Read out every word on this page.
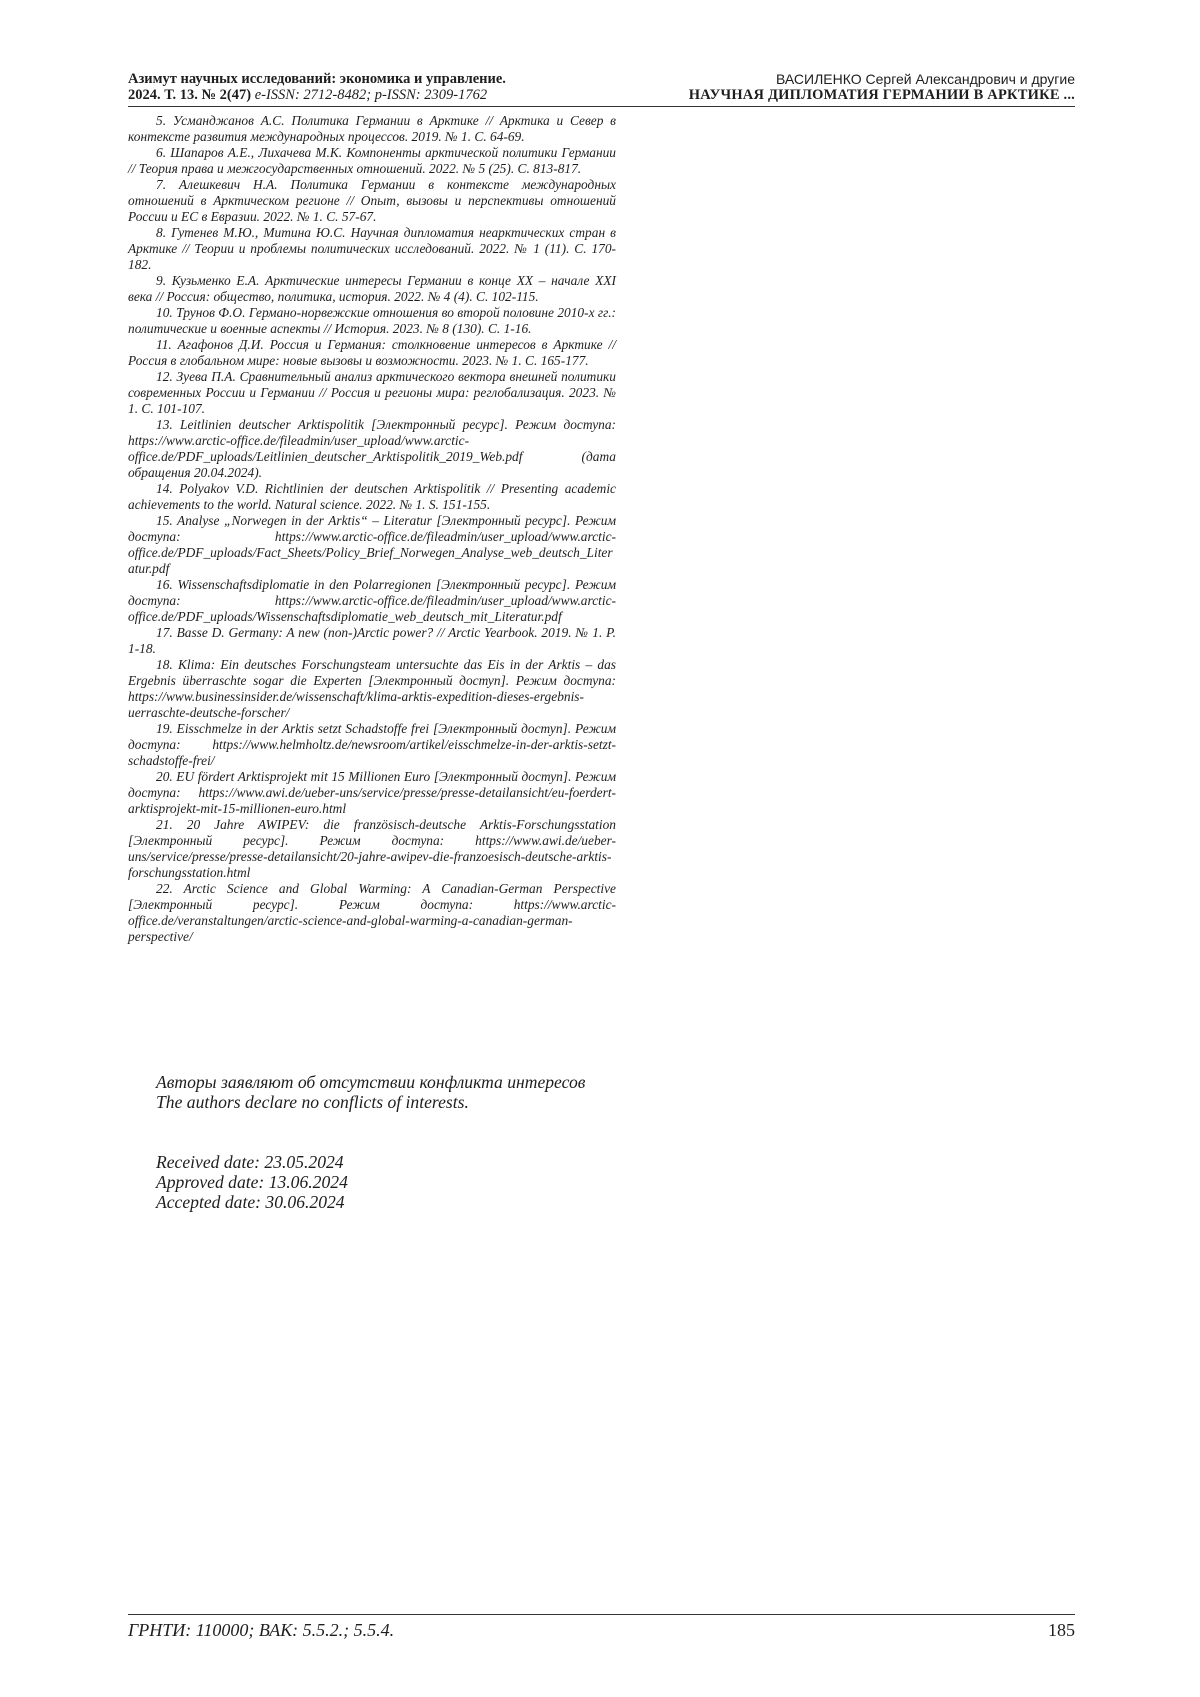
Азимут научных исследований: экономика и управление.
2024. Т. 13. № 2(47) e-ISSN: 2712-8482; p-ISSN: 2309-1762
ВАСИЛЕНКО Сергей Александрович и другие
НАУЧНАЯ ДИПЛОМАТИЯ ГЕРМАНИИ В АРКТИКЕ ...

5. Усманджанов А.С. Политика Германии в Арктике // Арктика и Север в контексте развития международных процессов. 2019. № 1. С. 64-69.

6. Шапаров А.Е., Лихачева М.К. Компоненты арктической политики Германии // Теория права и межгосударственных отношений. 2022. № 5 (25). С. 813-817.

7. Алешкевич Н.А. Политика Германии в контексте международных отношений в Арктическом регионе // Опыт, вызовы и перспективы отношений России и ЕС в Евразии. 2022. № 1. С. 57-67.

8. Гутенев М.Ю., Митина Ю.С. Научная дипломатия неарктических стран в Арктике // Теории и проблемы политических исследований. 2022. № 1 (11). С. 170-182.

9. Кузьменко Е.А. Арктические интересы Германии в конце XX – начале XXI века // Россия: общество, политика, история. 2022. № 4 (4). С. 102-115.

10. Трунов Ф.О. Германо-норвежские отношения во второй половине 2010-х гг.: политические и военные аспекты // История. 2023. № 8 (130). С. 1-16.

11. Агафонов Д.И. Россия и Германия: столкновение интересов в Арктике // Россия в глобальном мире: новые вызовы и возможности. 2023. № 1. С. 165-177.

12. Зуева П.А. Сравнительный анализ арктического вектора внешней политики современных России и Германии // Россия и регионы мира: реглобализация. 2023. № 1. С. 101-107.

13. Leitlinien deutscher Arktispolitik [Электронный ресурс]. Режим доступа: https://www.arctic-office.de/fileadmin/user_upload/www.arctic-office.de/PDF_uploads/Leitlinien_deutscher_Arktispolitik_2019_Web.pdf (дата обращения 20.04.2024).

14. Polyakov V.D. Richtlinien der deutschen Arktispolitik // Presenting academic achievements to the world. Natural science. 2022. № 1. S. 151-155.

15. Analyse „Norwegen in der Arktis“ – Literatur [Электронный ресурс]. Режим доступа: https://www.arctic-office.de/fileadmin/user_upload/www.arctic-office.de/PDF_uploads/Fact_Sheets/Policy_Brief_Norwegen_Analyse_web_deutsch_Literatur.pdf

16. Wissenschaftsdiplomatie in den Polarregionen [Электронный ресурс]. Режим доступа: https://www.arctic-office.de/fileadmin/user_upload/www.arctic-office.de/PDF_uploads/Wissenschaftsdiplomatie_web_deutsch_mit_Literatur.pdf

17. Basse D. Germany: A new (non-)Arctic power? // Arctic Yearbook. 2019. № 1. P. 1-18.

18. Klima: Ein deutsches Forschungsteam untersuchte das Eis in der Arktis – das Ergebnis überraschte sogar die Experten [Электронный доступ]. Режим доступа: https://www.businessinsider.de/wissenschaft/klima-arktis-expedition-dieses-ergebnis-uerraschte-deutsche-forscher/

19. Eisschmelze in der Arktis setzt Schadstoffe frei [Электронный доступ]. Режим доступа: https://www.helmholtz.de/newsroom/artikel/eisschmelze-in-der-arktis-setzt-schadstoffe-frei/

20. EU fördert Arktisprojekt mit 15 Millionen Euro [Электронный доступ]. Режим доступа: https://www.awi.de/ueber-uns/service/presse/presse-detailansicht/eu-foerdert-arktisprojekt-mit-15-millionen-euro.html

21. 20 Jahre AWIPEV: die französisch-deutsche Arktis-Forschungsstation [Электронный ресурс]. Режим доступа: https://www.awi.de/ueber-uns/service/presse/presse-detailansicht/20-jahre-awipev-die-franzoesisch-deutsche-arktis-forschungsstation.html

22. Arctic Science and Global Warming: A Canadian-German Perspective [Электронный ресурс]. Режим доступа: https://www.arctic-office.de/veranstaltungen/arctic-science-and-global-warming-a-canadian-german-perspective/

Авторы заявляют об отсутствии конфликта интересов

The authors declare no conflicts of interests.

Received date: 23.05.2024
Approved date: 13.06.2024
Accepted date: 30.06.2024
ГРНТИ: 110000; ВАК: 5.5.2.; 5.5.4.	185
